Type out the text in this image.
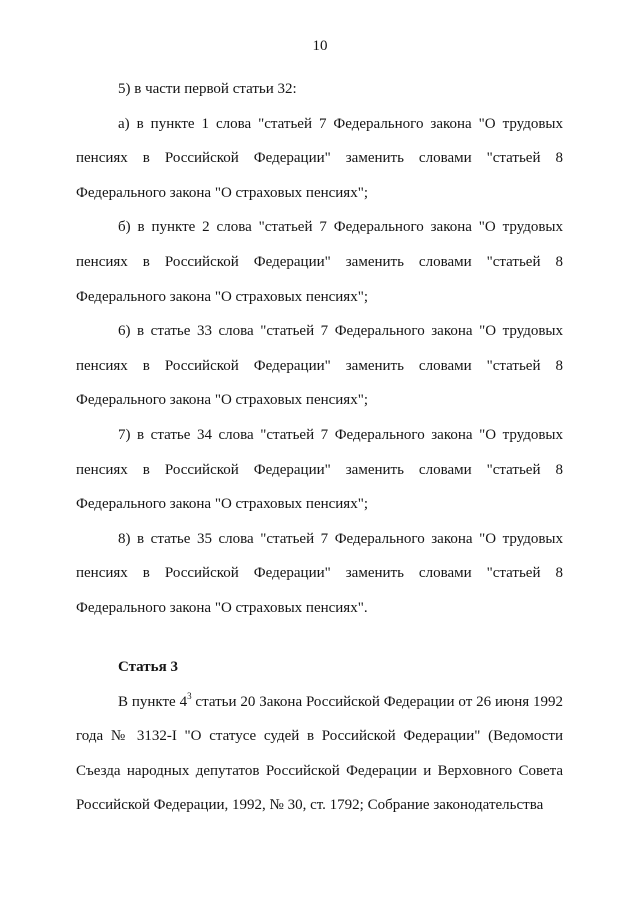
10

5) в части первой статьи 32:

а) в пункте 1 слова "статьей 7 Федерального закона "О трудовых пенсиях в Российской Федерации" заменить словами "статьей 8 Федерального закона "О страховых пенсиях";

б) в пункте 2 слова "статьей 7 Федерального закона "О трудовых пенсиях в Российской Федерации" заменить словами "статьей 8 Федерального закона "О страховых пенсиях";

6) в статье 33 слова "статьей 7 Федерального закона "О трудовых пенсиях в Российской Федерации" заменить словами "статьей 8 Федерального закона "О страховых пенсиях";

7) в статье 34 слова "статьей 7 Федерального закона "О трудовых пенсиях в Российской Федерации" заменить словами "статьей 8 Федерального закона "О страховых пенсиях";

8) в статье 35 слова "статьей 7 Федерального закона "О трудовых пенсиях в Российской Федерации" заменить словами "статьей 8 Федерального закона "О страховых пенсиях".

Статья 3

В пункте $4^3$ статьи 20 Закона Российской Федерации от 26 июня 1992 года № 3132-I "О статусе судей в Российской Федерации" (Ведомости Съезда народных депутатов Российской Федерации и Верховного Совета Российской Федерации, 1992, № 30, ст. 1792; Собрание законодательства
